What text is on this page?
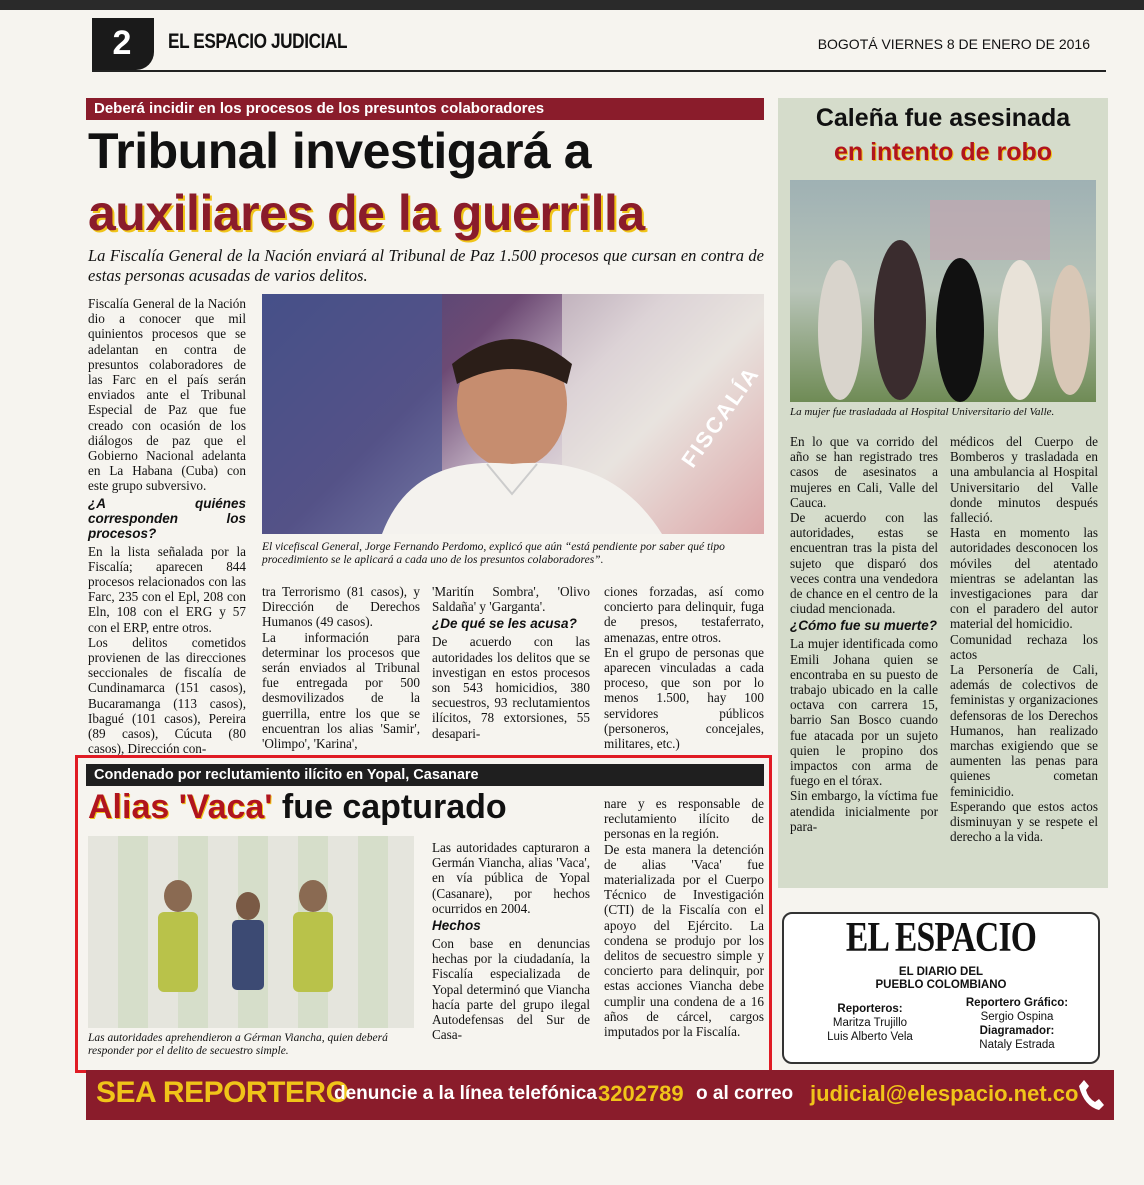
2	EL ESPACIO JUDICIAL	BOGOTÁ VIERNES 8 DE ENERO DE 2016
Deberá incidir en los procesos de los presuntos colaboradores
Tribunal investigará a
auxiliares de la guerrilla
La Fiscalía General de la Nación enviará al Tribunal de Paz 1.500 procesos que cursan en contra de estas personas acusadas de varios delitos.

Fiscalía General de la Nación dio a conocer que mil quinientos procesos que se adelantan en contra de presuntos colaboradores de las Farc en el país serán enviados ante el Tribunal Especial de Paz que fue creado con ocasión de los diálogos de paz que el Gobierno Nacional adelanta en La Habana (Cuba) con este grupo subversivo.

¿A quiénes corresponden los procesos?

En la lista señalada por la Fiscalía; aparecen 844 procesos relacionados con las Farc, 235 con el Epl, 208 con Eln, 108 con el ERG y 57 con el ERP, entre otros.

Los delitos cometidos provienen de las direcciones seccionales de fiscalía de Cundinamarca (151 casos), Bucaramanga (113 casos), Ibagué (101 casos), Pereira (89 casos), Cúcuta (80 casos), Dirección con-

FISCALÍA
El vicefiscal General, Jorge Fernando Perdomo, explicó que aún “está pendiente por saber qué tipo procedimiento se le aplicará a cada uno de los presuntos colaboradores”.

tra Terrorismo (81 casos), y Dirección de Derechos Humanos (49 casos).

La información para determinar los procesos que serán enviados al Tribunal fue entregada por 500 desmovilizados de la guerrilla, entre los que se encuentran los alias 'Samir', 'Olimpo', 'Karina',

'Maritín Sombra', 'Olivo Saldaña' y 'Garganta'.

¿De qué se les acusa?

De acuerdo con las autoridades los delitos que se investigan en estos procesos son 543 homicidios, 380 secuestros, 93 reclutamientos ilícitos, 78 extorsiones, 55 desapari-

ciones forzadas, así como concierto para delinquir, fuga de presos, testaferrato, amenazas, entre otros.

En el grupo de personas que aparecen vinculadas a cada proceso, que son por lo menos 1.500, hay 100 servidores públicos (personeros, concejales, militares, etc.)

Caleña fue asesinada
en intento de robo
La mujer fue trasladada al Hospital Universitario del Valle.

En lo que va corrido del año se han registrado tres casos de asesinatos a mujeres en Cali, Valle del Cauca.

De acuerdo con las autoridades, estas se encuentran tras la pista del sujeto que disparó dos veces contra una vendedora de chance en el centro de la ciudad mencionada.

¿Cómo fue su muerte?

La mujer identificada como Emili Johana quien se encontraba en su puesto de trabajo ubicado en la calle octava con carrera 15, barrio San Bosco cuando fue atacada por un sujeto quien le propino dos impactos con arma de fuego en el tórax.

Sin embargo, la víctima fue atendida inicialmente por para-

médicos del Cuerpo de Bomberos y trasladada en una ambulancia al Hospital Universitario del Valle donde minutos después falleció.

Hasta en momento las autoridades desconocen los móviles del atentado mientras se adelantan las investigaciones para dar con el paradero del autor material del homicidio.

Comunidad rechaza los actos

La Personería de Cali, además de colectivos de feministas y organizaciones defensoras de los Derechos Humanos, han realizado marchas exigiendo que se aumenten las penas para quienes cometan feminicidio.

Esperando que estos actos disminuyan y se respete el derecho a la vida.

Condenado por reclutamiento ilícito en Yopal, Casanare
Alias 'Vaca' fue capturado
Las autoridades aprehendieron a Gérman Viancha, quien deberá responder por el delito de secuestro simple.

Las autoridades capturaron a Germán Viancha, alias 'Vaca', en vía pública de Yopal (Casanare), por hechos ocurridos en 2004.

Hechos

Con base en denuncias hechas por la ciudadanía, la Fiscalía especializada de Yopal determinó que Viancha hacía parte del grupo ilegal Autodefensas del Sur de Casa-

nare y es responsable de reclutamiento ilícito de personas en la región.

De esta manera la detención de alias 'Vaca' fue materializada por el Cuerpo Técnico de Investigación (CTI) de la Fiscalía con el apoyo del Ejército. La condena se produjo por los delitos de secuestro simple y concierto para delinquir, por estas acciones Viancha debe cumplir una condena de a 16 años de cárcel, cargos imputados por la Fiscalía.

EL ESPACIO
EL DIARIO DEL
PUEBLO COLOMBIANO
Reporteros:
Maritza Trujillo
Luis Alberto Vela
Reportero Gráfico:
Sergio Ospina
Diagramador:
Nataly Estrada
SEA REPORTERO
denuncie a la línea telefónica 3202789 o al correo judicial@elespacio.net.co
